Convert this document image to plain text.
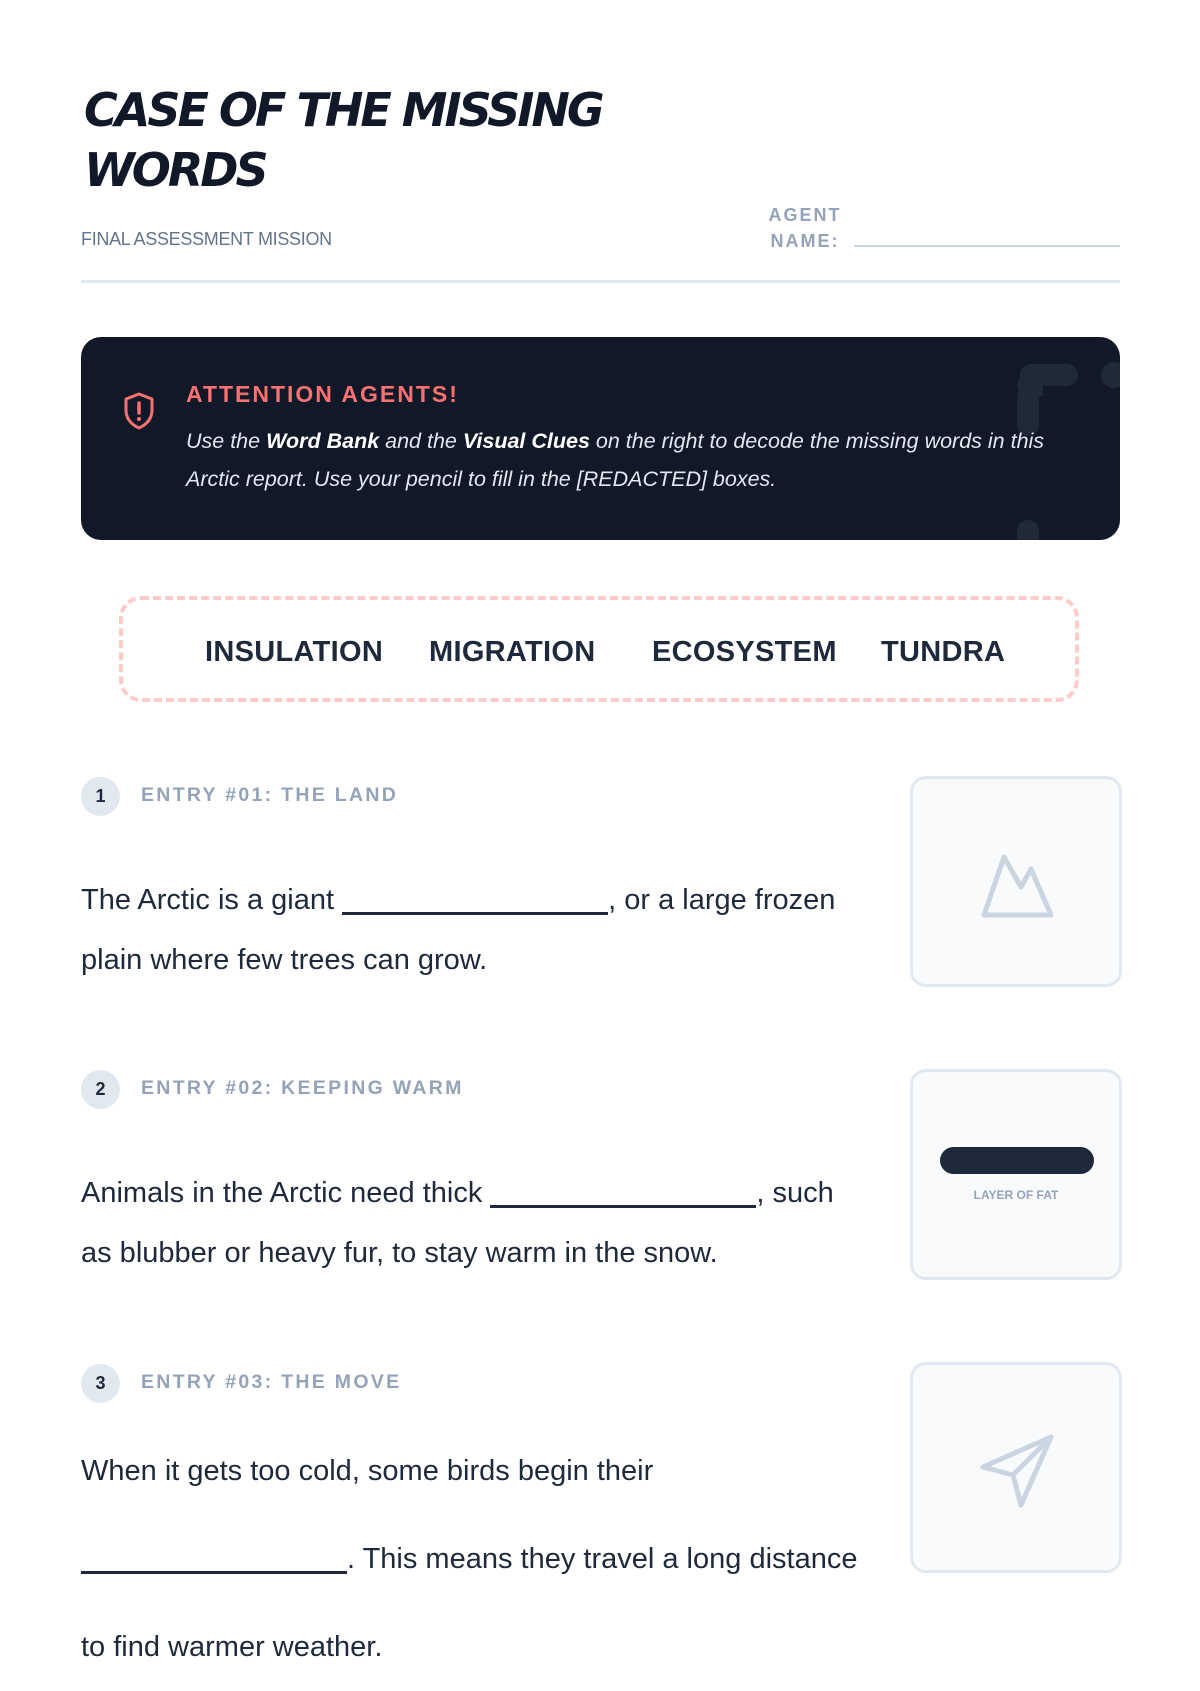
CASE OF THE MISSING WORDS
FINAL ASSESSMENT MISSION
AGENT NAME:
ATTENTION AGENTS!
Use the Word Bank and the Visual Clues on the right to decode the missing words in this Arctic report. Use your pencil to fill in the [REDACTED] boxes.
INSULATION MIGRATION ECOSYSTEM TUNDRA
1	ENTRY #01: THE LAND
The Arctic is a giant	, or a large frozen plain where few trees can grow.
2	ENTRY #02: KEEPING WARM
Animals in the Arctic need thick	, such as blubber or heavy fur, to stay warm in the snow.
LAYER OF FAT
3	ENTRY #03: THE MOVE
When it gets too cold, some birds begin their . This means they travel a long distance to find warmer weather.
